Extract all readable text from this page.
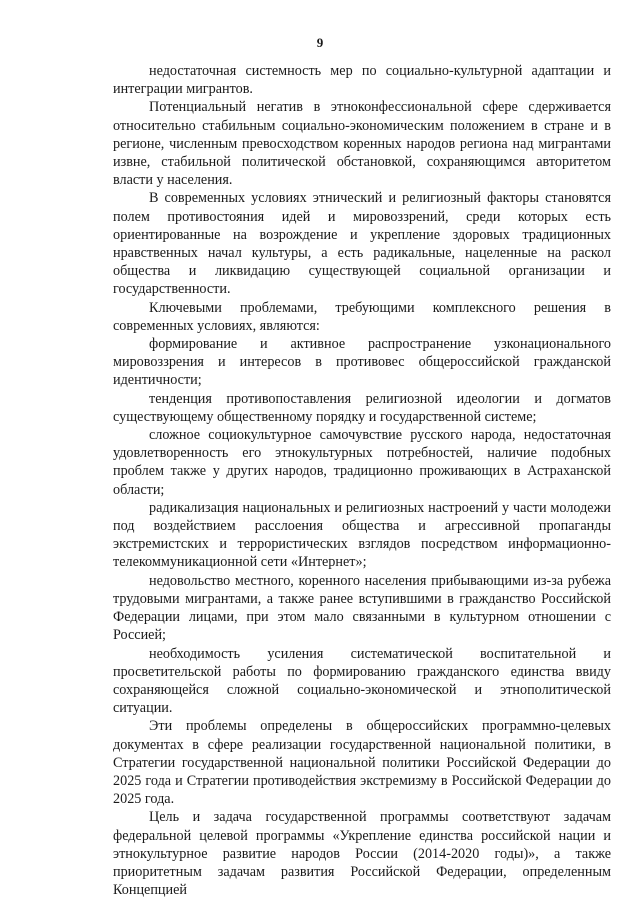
9

недостаточная системность мер по социально-культурной адаптации и интеграции мигрантов.

Потенциальный негатив в этноконфессиональной сфере сдерживается относительно стабильным социально-экономическим положением в стране и в регионе, численным превосходством коренных народов региона над мигрантами извне, стабильной политической обстановкой, сохраняющимся авторитетом власти у населения.

В современных условиях этнический и религиозный факторы становятся полем противостояния идей и мировоззрений, среди которых есть ориентированные на возрождение и укрепление здоровых традиционных нравственных начал культуры, а есть радикальные, нацеленные на раскол общества и ликвидацию существующей социальной организации и государственности.

Ключевыми проблемами, требующими комплексного решения в современных условиях, являются:

формирование и активное распространение узконационального мировоззрения и интересов в противовес общероссийской гражданской идентичности;

тенденция противопоставления религиозной идеологии и догматов существующему общественному порядку и государственной системе;

сложное социокультурное самочувствие русского народа, недостаточная удовлетворенность его этнокультурных потребностей, наличие подобных проблем также у других народов, традиционно проживающих в Астраханской области;

радикализация национальных и религиозных настроений у части молодежи под воздействием расслоения общества и агрессивной пропаганды экстремистских и террористических взглядов посредством информационно-телекоммуникационной сети «Интернет»;

недовольство местного, коренного населения прибывающими из-за рубежа трудовыми мигрантами, а также ранее вступившими в гражданство Российской Федерации лицами, при этом мало связанными в культурном отношении с Россией;

необходимость усиления систематической воспитательной и просветительской работы по формированию гражданского единства ввиду сохраняющейся сложной социально-экономической и этнополитической ситуации.

Эти проблемы определены в общероссийских программно-целевых документах в сфере реализации государственной национальной политики, в Стратегии государственной национальной политики Российской Федерации до 2025 года и Стратегии противодействия экстремизму в Российской Федерации до 2025 года.

Цель и задача государственной программы соответствуют задачам федеральной целевой программы «Укрепление единства российской нации и этнокультурное развитие народов России (2014-2020 годы)», а также приоритетным задачам развития Российской Федерации, определенным Концепцией
